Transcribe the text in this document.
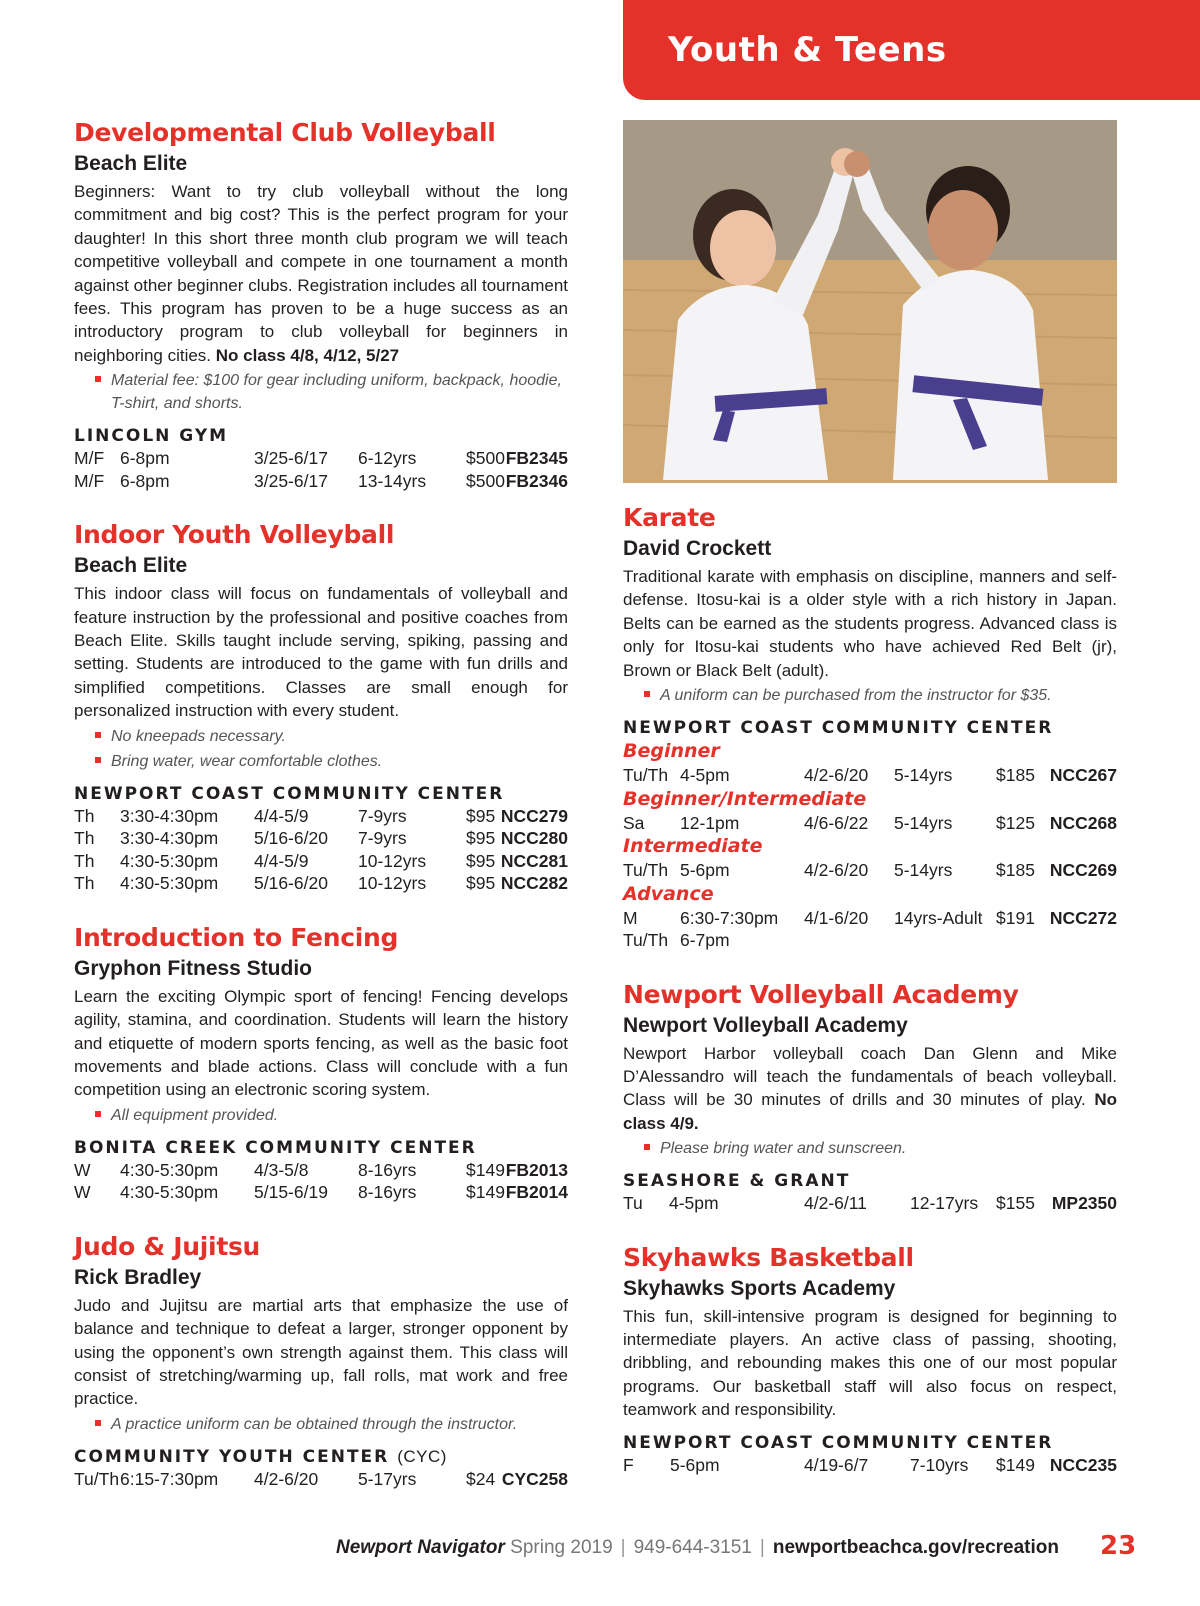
Youth & Teens
Developmental Club Volleyball
Beach Elite

Beginners: Want to try club volleyball without the long commitment and big cost? This is the perfect program for your daughter! In this short three month club program we will teach competitive volleyball and compete in one tournament a month against other beginner clubs. Registration includes all tournament fees. This program has proven to be a huge success as an introductory program to club volleyball for beginners in neighboring cities. No class 4/8, 4/12, 5/27

Material fee: $100 for gear including uniform, backpack, hoodie, T-shirt, and shorts.
LINCOLN GYM
M/F 6-8pm	3/25-6/17 6-12yrs	$500 FB2345
M/F 6-8pm	3/25-6/17 13-14yrs $500 FB2346
Indoor Youth Volleyball
Beach Elite

This indoor class will focus on fundamentals of volleyball and feature instruction by the professional and positive coaches from Beach Elite. Skills taught include serving, spiking, passing and setting. Students are introduced to the game with fun drills and simplified competitions. Classes are small enough for personalized instruction with every student.

No kneepads necessary.
Bring water, wear comfortable clothes.
NEWPORT COAST COMMUNITY CENTER
Th 3:30-4:30pm 4/4-5/9	7-9yrs	$95 NCC279
Th 3:30-4:30pm 5/16-6/20 7-9yrs	$95 NCC280
Th 4:30-5:30pm 4/4-5/9	10-12yrs $95 NCC281
Th 4:30-5:30pm 5/16-6/20 10-12yrs $95 NCC282
Introduction to Fencing
Gryphon Fitness Studio

Learn the exciting Olympic sport of fencing! Fencing develops agility, stamina, and coordination. Students will learn the history and etiquette of modern sports fencing, as well as the basic foot movements and blade actions. Class will conclude with a fun competition using an electronic scoring system.

All equipment provided.
BONITA CREEK COMMUNITY CENTER
W 4:30-5:30pm 4/3-5/8	8-16yrs	$149 FB2013
W 4:30-5:30pm 5/15-6/19 8-16yrs	$149 FB2014
Judo & Jujitsu
Rick Bradley

Judo and Jujitsu are martial arts that emphasize the use of balance and technique to defeat a larger, stronger opponent by using the opponent’s own strength against them. This class will consist of stretching/warming up, fall rolls, mat work and free practice.

A practice uniform can be obtained through the instructor.
COMMUNITY YOUTH CENTER (CYC)
Tu/Th 6:15-7:30pm 4/2-6/20 5-17yrs	$24 CYC258
Karate
David Crockett

Traditional karate with emphasis on discipline, manners and self-defense. Itosu-kai is a older style with a rich history in Japan. Belts can be earned as the students progress. Advanced class is only for Itosu-kai students who have achieved Red Belt (jr), Brown or Black Belt (adult).

A uniform can be purchased from the instructor for $35.
NEWPORT COAST COMMUNITY CENTER
Beginner
Tu/Th 4-5pm	4/2-6/20 5-14yrs $185 NCC267
Beginner/Intermediate
Sa 12-1pm	4/6-6/22 5-14yrs $125 NCC268
Intermediate
Tu/Th 5-6pm	4/2-6/20 5-14yrs $185 NCC269
Advance
M 6:30-7:30pm 4/1-6/20 14yrs-Adult $191 NCC272
Tu/Th 6-7pm
Newport Volleyball Academy
Newport Volleyball Academy

Newport Harbor volleyball coach Dan Glenn and Mike D’Alessandro will teach the fundamentals of beach volleyball. Class will be 30 minutes of drills and 30 minutes of play. No class 4/9.

Please bring water and sunscreen.
SEASHORE & GRANT
Tu 4-5pm	4/2-6/11 12-17yrs $155 MP2350
Skyhawks Basketball
Skyhawks Sports Academy

This fun, skill-intensive program is designed for beginning to intermediate players. An active class of passing, shooting, dribbling, and rebounding makes this one of our most popular programs. Our basketball staff will also focus on respect, teamwork and responsibility.

NEWPORT COAST COMMUNITY CENTER
F 5-6pm	4/19-6/7 7-10yrs $149 NCC235
Newport Navigator Spring 2019 | 949-644-3151 | newportbeachca.gov/recreation 23
